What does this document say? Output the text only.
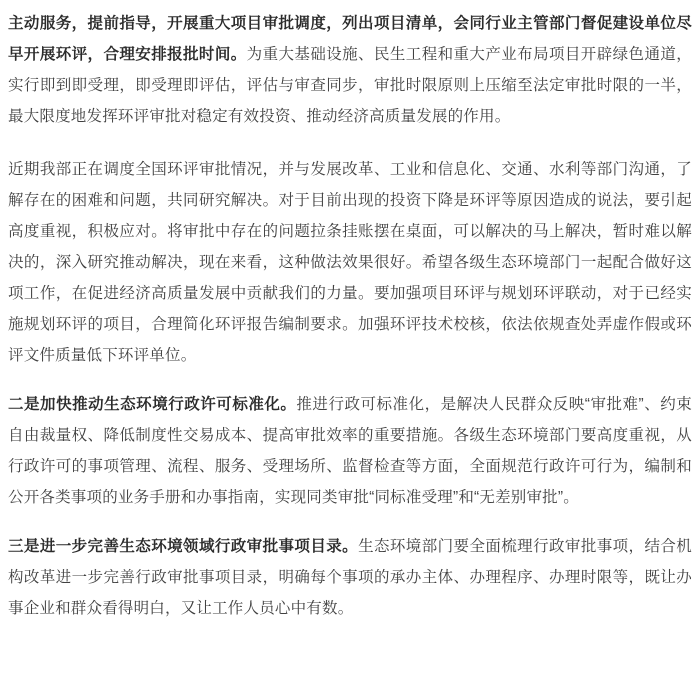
主动服务，提前指导，开展重大项目审批调度，列出项目清单，会同行业主管部门督促建设单位尽早开展环评，合理安排报批时间。为重大基础设施、民生工程和重大产业布局项目开辟绿色通道，实行即到即受理，即受理即评估，评估与审查同步，审批时限原则上压缩至法定审批时限的一半，最大限度地发挥环评审批对稳定有效投资、推动经济高质量发展的作用。

近期我部正在调度全国环评审批情况，并与发展改革、工业和信息化、交通、水利等部门沟通，了解存在的困难和问题，共同研究解决。对于目前出现的投资下降是环评等原因造成的说法，要引起高度重视，积极应对。将审批中存在的问题拉条挂账摆在桌面，可以解决的马上解决，暂时难以解决的，深入研究推动解决，现在来看，这种做法效果很好。希望各级生态环境部门一起配合做好这项工作，在促进经济高质量发展中贡献我们的力量。要加强项目环评与规划环评联动，对于已经实施规划环评的项目，合理简化环评报告编制要求。加强环评技术校核，依法依规查处弄虚作假或环评文件质量低下环评单位。

二是加快推动生态环境行政许可标准化。推进行政可标准化，是解决人民群众反映“审批难”、约束自由裁量权、降低制度性交易成本、提高审批效率的重要措施。各级生态环境部门要高度重视，从行政许可的事项管理、流程、服务、受理场所、监督检查等方面，全面规范行政许可行为，编制和公开各类事项的业务手册和办事指南，实现同类审批“同标准受理”和“无差别审批”。

三是进一步完善生态环境领域行政审批事项目录。生态环境部门要全面梳理行政审批事项，结合机构改革进一步完善行政审批事项目录，明确每个事项的承办主体、办理程序、办理时限等，既让办事企业和群众看得明白，又让工作人员心中有数。
